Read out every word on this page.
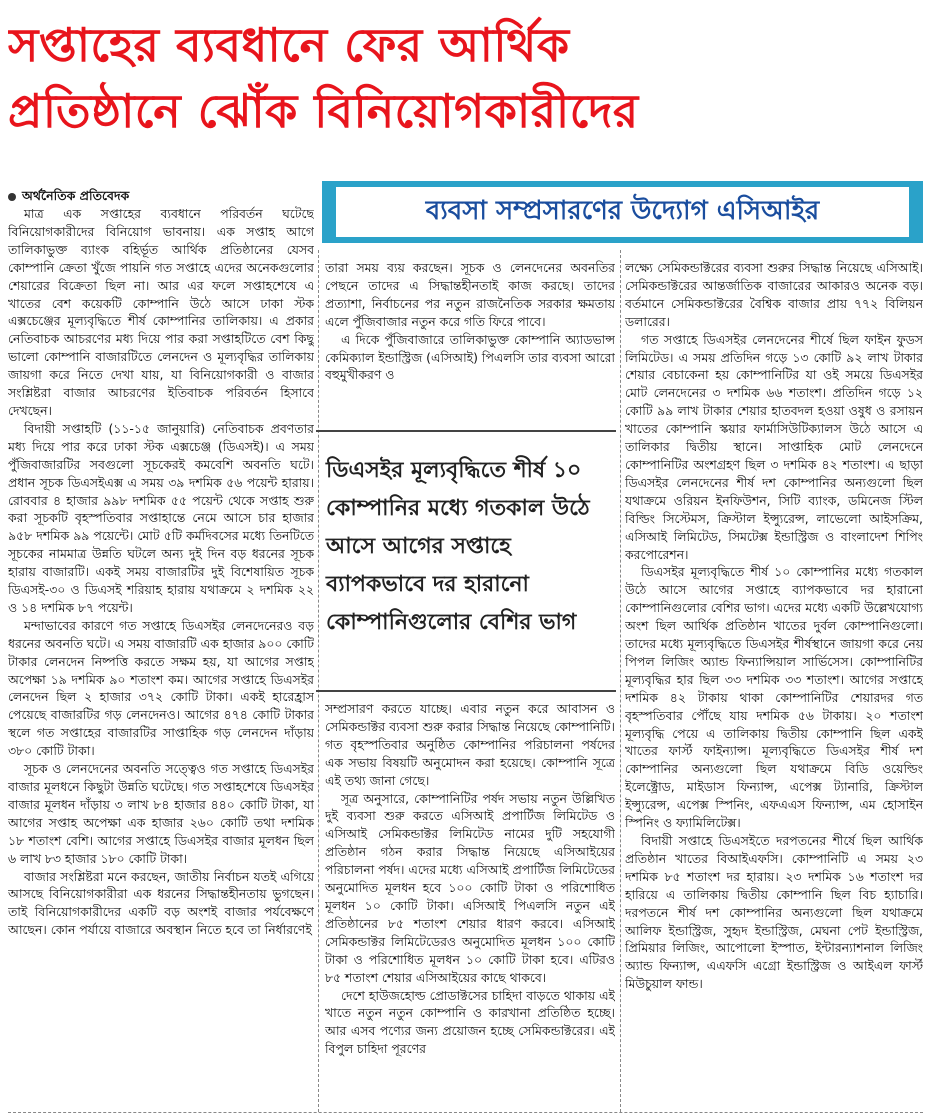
সপ্তাহের ব্যবধানে ফের আর্থিক
প্রতিষ্ঠানে ঝোঁক বিনিয়োগকারীদের
অর্থনৈতিক প্রতিবেদক

মাত্র এক সপ্তাহের ব্যবধানে পরিবর্তন ঘটেছে বিনিয়োগকারীদের বিনিয়োগ ভাবনায়। এক সপ্তাহ আগে তালিকাভুক্ত ব্যাংক বহির্ভূত আর্থিক প্রতিষ্ঠানের যেসব কোম্পানি ক্রেতা খুঁজে পায়নি গত সপ্তাহে এদের অনেকগুলোর শেয়ারের বিক্রেতা ছিল না। আর এর ফলে সপ্তাহশেষে এ খাতের বেশ কয়েকটি কোম্পানি উঠে আসে ঢাকা স্টক এক্সচেঞ্জের মূল্যবৃদ্ধিতে শীর্ষ কোম্পানির তালিকায়। এ প্রকার নেতিবাচক আচরণের মধ্য দিয়ে পার করা সপ্তাহটিতে বেশ কিছু ভালো কোম্পানি বাজারটিতে লেনদেন ও মূল্যবৃদ্ধির তালিকায় জায়গা করে নিতে দেখা যায়, যা বিনিয়োগকারী ও বাজার সংশ্লিষ্টরা বাজার আচরণের ইতিবাচক পরিবর্তন হিসাবে দেখছেন।

বিদায়ী সপ্তাহটি (১১-১৫ জানুয়ারি) নেতিবাচক প্রবণতার মধ্য দিয়ে পার করে ঢাকা স্টক এক্সচেঞ্জ (ডিএসই)। এ সময় পুঁজিবাজারটির সবগুলো সূচকেরই কমবেশি অবনতি ঘটে। প্রধান সূচক ডিএসইএক্স এ সময় ৩৯ দশমিক ৫৬ পয়েন্ট হারায়। রোববার ৪ হাজার ৯৯৮ দশমিক ৫৫ পয়েন্ট থেকে সপ্তাহ শুরু করা সূচকটি বৃহস্পতিবার সপ্তাহান্তে নেমে আসে চার হাজার ৯৫৮ দশমিক ৯৯ পয়েন্টে। মোট ৫টি কর্মদিবসের মধ্যে তিনটিতে সূচকের নামমাত্র উন্নতি ঘটলে অন্য দুই দিন বড় ধরনের সূচক হারায় বাজারটি। একই সময় বাজারটির দুই বিশেষায়িত সূচক ডিএসই-৩০ ও ডিএসই শরিয়াহ হারায় যথাক্রমে ২ দশমিক ২২ ও ১৪ দশমিক ৮৭ পয়েন্ট।

মন্দাভাবের কারণে গত সপ্তাহে ডিএসইর লেনদেনেরও বড় ধরনের অবনতি ঘটে। এ সময় বাজারটি এক হাজার ৯০০ কোটি টাকার লেনদেন নিষ্পত্তি করতে সক্ষম হয়, যা আগের সপ্তাহ অপেক্ষা ১৯ দশমিক ৯০ শতাংশ কম। আগের সপ্তাহে ডিএসইর লেনদেন ছিল ২ হাজার ৩৭২ কোটি টাকা। একই হারেহ্রাস পেয়েছে বাজারটির গড় লেনদেনও। আগের ৪৭৪ কোটি টাকার স্থলে গত সপ্তাহের বাজারটির সাপ্তাহিক গড় লেনদেন দাঁড়ায় ৩৮০ কোটি টাকা।

সূচক ও লেনদেনের অবনতি সত্ত্বেও গত সপ্তাহে ডিএসইর বাজার মূলধনে কিছুটা উন্নতি ঘটেছে। গত সপ্তাহশেষে ডিএসইর বাজার মূলধন দাঁড়ায় ৩ লাখ ৮৪ হাজার ৪৪০ কোটি টাকা, যা আগের সপ্তাহ অপেক্ষা এক হাজার ২৬০ কোটি তথা দশমিক ১৮ শতাংশ বেশি। আগের সপ্তাহে ডিএসইর বাজার মূলধন ছিল ৬ লাখ ৮৩ হাজার ১৮০ কোটি টাকা।

বাজার সংশ্লিষ্টরা মনে করছেন, জাতীয় নির্বাচন যতই এগিয়ে আসছে বিনিয়োগকারীরা এক ধরনের সিদ্ধান্তহীনতায় ভুগছেন। তাই বিনিয়োগকারীদের একটি বড় অংশই বাজার পর্যবেক্ষণে আছেন। কোন পর্যায়ে বাজারে অবস্থান নিতে হবে তা নির্ধারণেই

ব্যবসা সম্প্রসারণের উদ্যোগ এসিআইর

তারা সময় ব্যয় করছেন। সূচক ও লেনদেনের অবনতির পেছনে তাদের এ সিদ্ধান্তহীনতাই কাজ করছে। তাদের প্রত্যাশা, নির্বাচনের পর নতুন রাজনৈতিক সরকার ক্ষমতায় এলে পুঁজিবাজার নতুন করে গতি ফিরে পাবে।

এ দিকে পুঁজিবাজারে তালিকাভুক্ত কোম্পানি অ্যাডভান্স কেমিক্যাল ইন্ডাস্ট্রিজ (এসিআই) পিএলসি তার ব্যবসা আরো বহুমুখীকরণ ও

ডিএসইর মূল্যবৃদ্ধিতে শীর্ষ ১০ কোম্পানির মধ্যে গতকাল উঠে আসে আগের সপ্তাহে ব্যাপকভাবে দর হারানো কোম্পানিগুলোর বেশির ভাগ

সম্প্রসারণ করতে যাচ্ছে। এবার নতুন করে আবাসন ও সেমিকন্ডাক্টর ব্যবসা শুরু করার সিদ্ধান্ত নিয়েছে কোম্পানিটি। গত বৃহস্পতিবার অনুষ্ঠিত কোম্পানির পরিচালনা পর্ষদের এক সভায় বিষয়টি অনুমোদন করা হয়েছে। কোম্পানি সূত্রে এই তথ্য জানা গেছে।

সূত্র অনুসারে, কোম্পানিটির পর্ষদ সভায় নতুন উল্লিখিত দুই ব্যবসা শুরু করতে এসিআই প্রপার্টিজ লিমিটেড ও এসিআই সেমিকন্ডাক্টর লিমিটেড নামের দুটি সহযোগী প্রতিষ্ঠান গঠন করার সিদ্ধান্ত নিয়েছে এসিআইয়ের পরিচালনা পর্ষদ। এদের মধ্যে এসিআই প্রপার্টিজ লিমিটেডের অনুমোদিত মূলধন হবে ১০০ কোটি টাকা ও পরিশোধিত মূলধন ১০ কোটি টাকা। এসিআই পিএলসি নতুন এই প্রতিষ্ঠানের ৮৫ শতাংশ শেয়ার ধারণ করবে। এসিআই সেমিকন্ডাক্টর লিমিটেডেরও অনুমোদিত মূলধন ১০০ কোটি টাকা ও পরিশোধিত মূলধন ১০ কোটি টাকা হবে। এটিরও ৮৫ শতাংশ শেয়ার এসিআইয়ের কাছে থাকবে।

দেশে হাউজহোল্ড প্রোডাক্টসের চাহিদা বাড়তে থাকায় এই খাতে নতুন নতুন কোম্পানি ও কারখানা প্রতিষ্ঠিত হচ্ছে। আর এসব পণ্যের জন্য প্রয়োজন হচ্ছে সেমিকন্ডাক্টরের। এই বিপুল চাহিদা পূরণের

লক্ষ্যে সেমিকন্ডাক্টরের ব্যবসা শুরুর সিদ্ধান্ত নিয়েছে এসিআই। সেমিকন্ডাক্টরের আন্তর্জাতিক বাজারের আকারও অনেক বড়। বর্তমানে সেমিকন্ডাক্টরের বৈশ্বিক বাজার প্রায় ৭৭২ বিলিয়ন ডলারের।

গত সপ্তাহে ডিএসইর লেনদেনের শীর্ষে ছিল ফাইন ফুডস লিমিটেড। এ সময় প্রতিদিন গড়ে ১৩ কোটি ৯২ লাখ টাকার শেয়ার বেচাকেনা হয় কোম্পানিটির যা ওই সময়ে ডিএসইর মোট লেনদেনের ৩ দশমিক ৬৬ শতাংশ। প্রতিদিন গড়ে ১২ কোটি ৯৯ লাখ টাকার শেয়ার হাতবদল হওয়া ওষুধ ও রসায়ন খাতের কোম্পানি স্কয়ার ফার্মাসিউটিক্যালস উঠে আসে এ তালিকার দ্বিতীয় স্থানে। সাপ্তাহিক মোট লেনদেনে কোম্পানিটির অংশগ্রহণ ছিল ৩ দশমিক ৪২ শতাংশ। এ ছাড়া ডিএসইর লেনদেনের শীর্ষ দশ কোম্পানির অন্যগুলো ছিল যথাক্রমে ওরিয়ন ইনফিউশন, সিটি ব্যাংক, ডমিনেজ স্টিল বিল্ডিং সিস্টেমস, ক্রিস্টাল ইন্স্যুরেন্স, লাভেলো আইসক্রিম, এসিআই লিমিটেড, সিমটেক্স ইন্ডাস্ট্রিজ ও বাংলাদেশ শিপিং করপোরেশন।

ডিএসইর মূল্যবৃদ্ধিতে শীর্ষ ১০ কোম্পানির মধ্যে গতকাল উঠে আসে আগের সপ্তাহে ব্যাপকভাবে দর হারানো কোম্পানিগুলোর বেশির ভাগ। এদের মধ্যে একটি উল্লেখযোগ্য অংশ ছিল আর্থিক প্রতিষ্ঠান খাতের দুর্বল কোম্পানিগুলো। তাদের মধ্যে মূল্যবৃদ্ধিতে ডিএসইর শীর্ষস্থানে জায়গা করে নেয় পিপল লিজিং অ্যান্ড ফিন্যান্সিয়াল সার্ভিসেস। কোম্পানিটির মূল্যবৃদ্ধির হার ছিল ৩৩ দশমিক ৩৩ শতাংশ। আগের সপ্তাহে দশমিক ৪২ টাকায় থাকা কোম্পানিটির শেয়ারদর গত বৃহস্পতিবার পৌঁছে যায় দশমিক ৫৬ টাকায়। ২০ শতাংশ মূল্যবৃদ্ধি পেয়ে এ তালিকায় দ্বিতীয় কোম্পানি ছিল একই খাতের ফার্স্ট ফাইন্যান্স। মূল্যবৃদ্ধিতে ডিএসইর শীর্ষ দশ কোম্পানির অন্যগুলো ছিল যথাক্রমে বিডি ওয়েল্ডিং ইলেক্ট্রোড, মাইডাস ফিন্যান্স, এপেক্স ট্যানারি, ক্রিস্টাল ইন্স্যুরেন্স, এপেক্স স্পিনিং, এফএএস ফিন্যান্স, এম হোসাইন স্পিনিং ও ফ্যামিলিটেক্স।

বিদায়ী সপ্তাহে ডিএসইতে দরপতনের শীর্ষে ছিল আর্থিক প্রতিষ্ঠান খাতের বিআইএফসি। কোম্পানিটি এ সময় ২৩ দশমিক ৮৫ শতাংশ দর হারায়। ২৩ দশমিক ১৬ শতাংশ দর হারিয়ে এ তালিকায় দ্বিতীয় কোম্পানি ছিল বিচ হ্যাচারি। দরপতনে শীর্ষ দশ কোম্পানির অন্যগুলো ছিল যথাক্রমে আলিফ ইন্ডাস্ট্রিজ, সুহৃদ ইন্ডাস্ট্রিজ, মেঘনা পেট ইন্ডাস্ট্রিজ, প্রিমিয়ার লিজিং, আপোলো ইস্পাত, ইন্টারন্যাশনাল লিজিং অ্যান্ড ফিন্যান্স, এএফসি এগ্রো ইন্ডাস্ট্রিজ ও আইএল ফার্স্ট মিউচুয়াল ফান্ড।
